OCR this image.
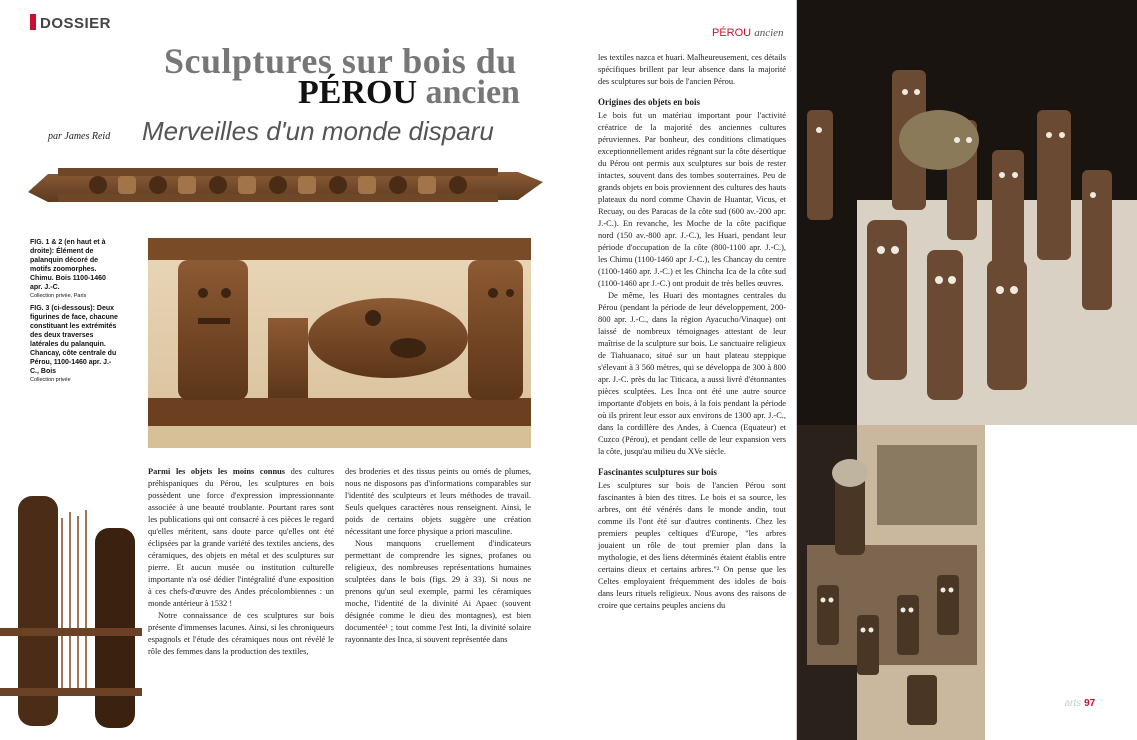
DOSSIER
Sculptures sur bois du
PÉROU ancien
par James Reid Merveilles d'un monde disparu
PÉROU ancien
FIG. 1 & 2 (en haut et à droite): Élément de palanquin décoré de motifs zoomorphes. Chimu. Bois 1100-1460 apr. J.-C.
Collection privée, Paris
FIG. 3 (ci-dessous): Deux figurines de face, chacune constituant les extrémités des deux traverses latérales du palanquin. Chancay, côte centrale du Pérou, 1100-1460 apr. J.-C., Bois
Collection privée

Parmi les objets les moins connus des cultures préhispaniques du Pérou, les sculptures en bois possèdent une force d'expression impressionnante associée à une beauté troublante. Pourtant rares sont les publications qui ont consacré à ces pièces le regard qu'elles méritent, sans doute parce qu'elles ont été éclipsées par la grande variété des textiles anciens, des céramiques, des objets en métal et des sculptures sur pierre. Et aucun musée ou institution culturelle importante n'a osé dédier l'intégralité d'une exposition à ces chefs-d'œuvre des Andes précolombiennes : un monde antérieur à 1532 !

Notre connaissance de ces sculptures sur bois présente d'immenses lacunes. Ainsi, si les chroniqueurs espagnols et l'étude des céramiques nous ont révélé le rôle des femmes dans la production des textiles,

des broderies et des tissus peints ou ornés de plumes, nous ne disposons pas d'informations comparables sur l'identité des sculpteurs et leurs méthodes de travail. Seuls quelques caractères nous renseignent. Ainsi, le poids de certains objets suggère une création nécessitant une force physique a priori masculine.

Nous manquons cruellement d'indicateurs permettant de comprendre les signes, profanes ou religieux, des nombreuses représentations humaines sculptées dans le bois (figs. 29 à 33). Si nous ne prenons qu'un seul exemple, parmi les céramiques moche, l'identité de la divinité Ai Apaec (souvent désignée comme le dieu des montagnes), est bien documentée¹ ; tout comme l'est Inti, la divinité solaire rayonnante des Inca, si souvent représentée dans

les textiles nazca et huari. Malheureusement, ces détails spécifiques brillent par leur absence dans la majorité des sculptures sur bois de l'ancien Pérou.

Origines des objets en bois

Le bois fut un matériau important pour l'activité créatrice de la majorité des anciennes cultures péruviennes. Par bonheur, des conditions climatiques exceptionnellement arides régnant sur la côte désertique du Pérou ont permis aux sculptures sur bois de rester intactes, souvent dans des tombes souterraines. Peu de grands objets en bois proviennent des cultures des hauts plateaux du nord comme Chavin de Huantar, Vicus, et Recuay, ou des Paracas de la côte sud (600 av.-200 apr. J.-C.). En revanche, les Moche de la côte pacifique nord (150 av.-800 apr. J.-C.), les Huari, pendant leur période d'occupation de la côte (800-1100 apr. J.-C.), les Chimu (1100-1460 apr J.-C.), les Chancay du centre (1100-1460 apr. J.-C.) et les Chincha Ica de la côte sud (1100-1460 apr J.-C.) ont produit de très belles œuvres.

De même, les Huari des montagnes centrales du Pérou (pendant la période de leur développement, 200-800 apr. J.-C., dans la région Ayacucho/Vinaque) ont laissé de nombreux témoignages attestant de leur maîtrise de la sculpture sur bois. Le sanctuaire religieux de Tiahuanaco, situé sur un haut plateau steppique s'élevant à 3 560 mètres, qui se développa de 300 à 800 apr. J.-C. près du lac Titicaca, a aussi livré d'étonnantes pièces sculptées. Les Inca ont été une autre source importante d'objets en bois, à la fois pendant la période où ils prirent leur essor aux environs de 1300 apr. J.-C., dans la cordillère des Andes, à Cuenca (Equateur) et Cuzco (Pérou), et pendant celle de leur expansion vers la côte, jusqu'au milieu du XVe siècle.

Fascinantes sculptures sur bois

Les sculptures sur bois de l'ancien Pérou sont fascinantes à bien des titres. Le bois et sa source, les arbres, ont été vénérés dans le monde andin, tout comme ils l'ont été sur d'autres continents. Chez les premiers peuples celtiques d'Europe, "les arbres jouaient un rôle de tout premier plan dans la mythologie, et des liens déterminés étaient établis entre certains dieux et certains arbres."² On pense que les Celtes employaient fréquemment des idoles de bois dans leurs rituels religieux. Nous avons des raisons de croire que certains peuples anciens du

FIG. 4:
Cortège funèbre Chimu, 900-1470 apr. J.-C.
Bois, nacre, plumes, tissu
L : 53 cm
Proyecto Huaca de
La Luna 35017
FIG. 5:
Maquette d'un rituel funéraire, Chimu, 900-1470 apr. J.-C.
Bois, nacre.
L : 48 cm
Proyecto Huaca de
La Luna 35015
tribalarts 97
